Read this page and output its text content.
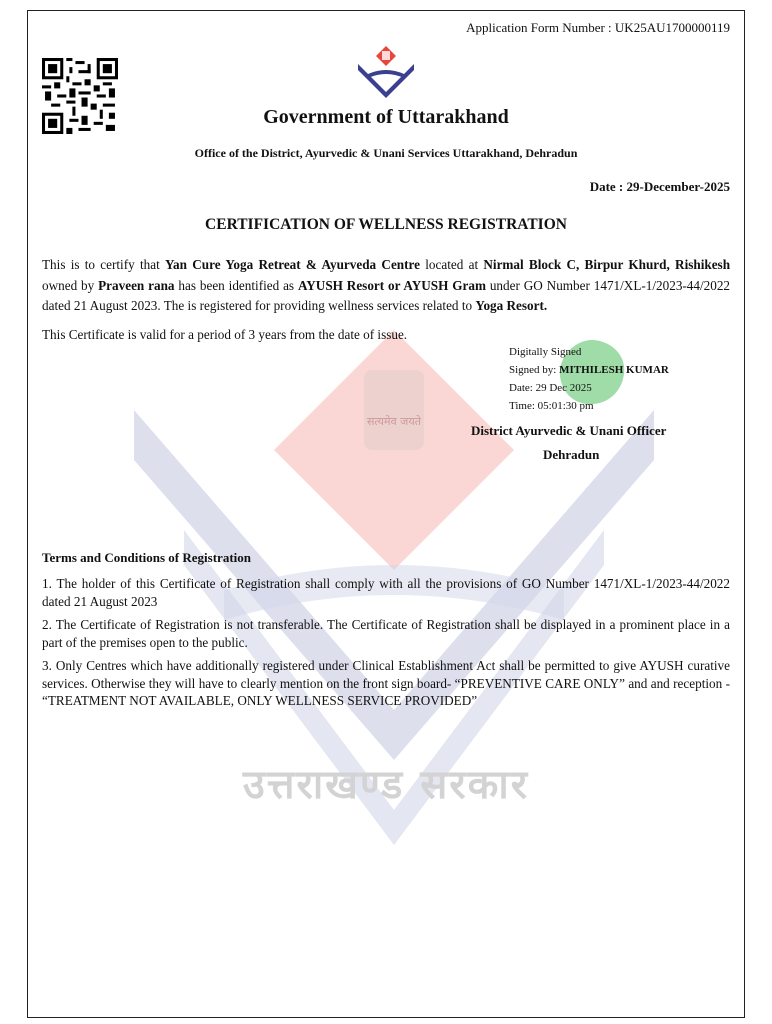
सत्यमेव जयते
उत्तराखण्ड सरकार
Application Form Number : UK25AU1700000119
Government of Uttarakhand
Office of the District, Ayurvedic & Unani Services Uttarakhand, Dehradun
Date : 29-December-2025
CERTIFICATION OF WELLNESS REGISTRATION
This is to certify that Yan Cure Yoga Retreat & Ayurveda Centre located at Nirmal Block C, Birpur Khurd, Rishikesh owned by Praveen rana has been identified as AYUSH Resort or AYUSH Gram under GO Number 1471/XL-1/2023-44/2022 dated 21 August 2023. The is registered for providing wellness services related to Yoga Resort.
This Certificate is valid for a period of 3 years from the date of issue.
Digitally Signed
Signed by: MITHILESH KUMAR
Date: 29 Dec 2025
Time: 05:01:30 pm
District Ayurvedic & Unani Officer
Dehradun
Terms and Conditions of Registration
1. The holder of this Certificate of Registration shall comply with all the provisions of GO Number 1471/XL-1/2023-44/2022 dated 21 August 2023
2. The Certificate of Registration is not transferable. The Certificate of Registration shall be displayed in a prominent place in a part of the premises open to the public.
3. Only Centres which have additionally registered under Clinical Establishment Act shall be permitted to give AYUSH curative services. Otherwise they will have to clearly mention on the front sign board- “PREVENTIVE CARE ONLY” and and reception - “TREATMENT NOT AVAILABLE, ONLY WELLNESS SERVICE PROVIDED”
